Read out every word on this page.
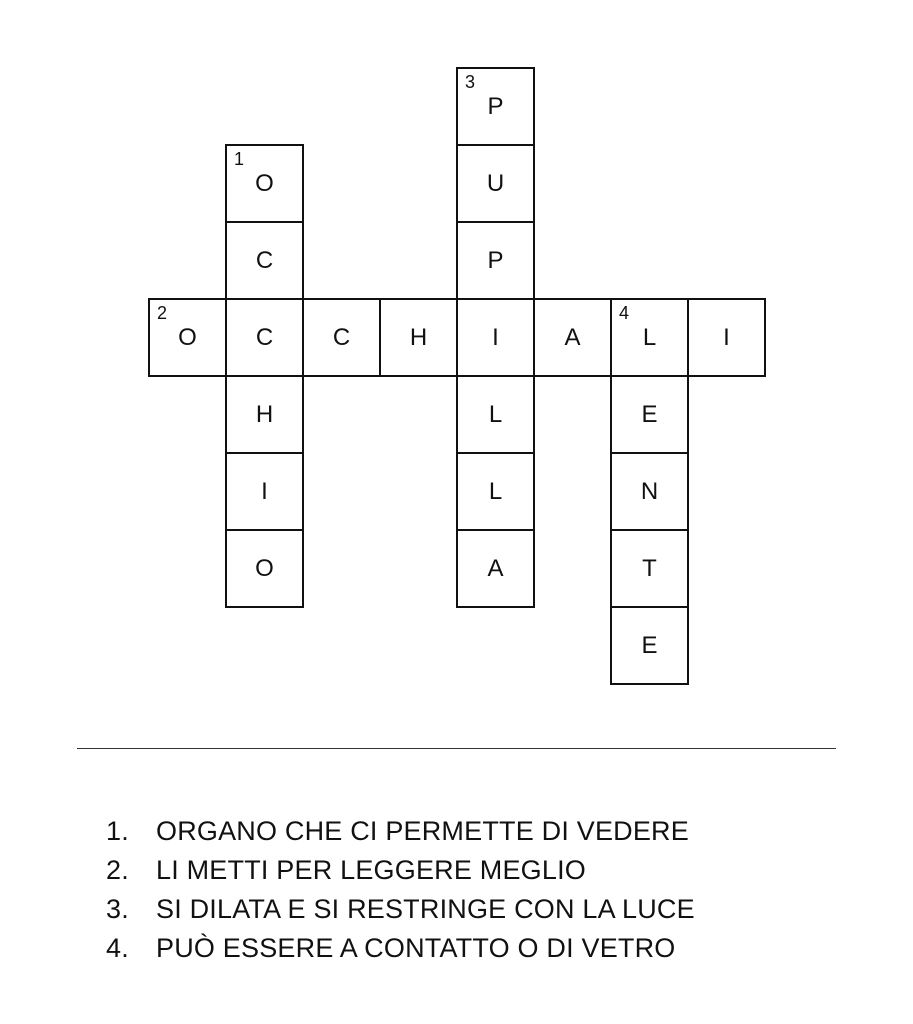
1
O
C
C
H
I
O
2
O	C	H	I	A
4
L	I
3
P
U
P
L
L
A
E
N
T
E
1.	ORGANO CHE CI PERMETTE DI VEDERE
2.	LI METTI PER LEGGERE MEGLIO
3.	SI DILATA E SI RESTRINGE CON LA LUCE
4.	PUÒ ESSERE A CONTATTO O DI VETRO
